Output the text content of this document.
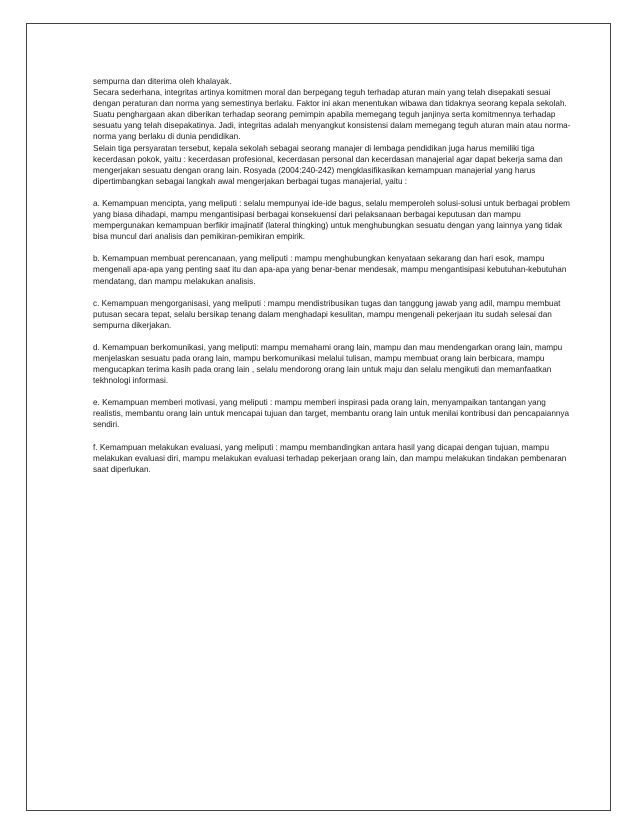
sempurna dan diterima oleh khalayak.

Secara sederhana, integritas artinya komitmen moral dan berpegang teguh terhadap aturan main yang telah disepakati sesuai dengan peraturan dan norma yang semestinya berlaku. Faktor ini akan menentukan wibawa dan tidaknya seorang kepala sekolah.

Suatu penghargaan akan diberikan terhadap seorang pemimpin apabila memegang teguh janjinya serta komitmennya terhadap sesuatu yang telah disepakatinya. Jadi, integritas adalah menyangkut konsistensi dalam memegang teguh aturan main atau norma-norma yang berlaku di dunia pendidikan.

Selain tiga persyaratan tersebut, kepala sekolah sebagai seorang manajer di lembaga pendidikan juga harus memiliki tiga kecerdasan pokok, yaitu : kecerdasan profesional, kecerdasan personal dan kecerdasan manajerial agar dapat bekerja sama dan mengerjakan sesuatu dengan orang lain. Rosyada (2004:240-242) mengklasifikasikan kemampuan manajerial yang harus dipertimbangkan sebagai langkah awal mengerjakan berbagai tugas manajerial, yaitu :

a. Kemampuan mencipta, yang meliputi : selalu mempunyai ide-ide bagus, selalu memperoleh solusi-solusi untuk berbagai problem yang biasa dihadapi, mampu mengantisipasi berbagai konsekuensi dari pelaksanaan berbagai keputusan dan mampu mempergunakan kemampuan berfikir imajinatif (lateral thingking) untuk menghubungkan sesuatu dengan yang lainnya yang tidak bisa muncul dari analisis dan pemikiran-pemikiran empirik.

b. Kemampuan membuat perencanaan, yang meliputi : mampu menghubungkan kenyataan sekarang dan hari esok, mampu mengenali apa-apa yang penting saat itu dan apa-apa yang benar-benar mendesak, mampu mengantisipasi kebutuhan-kebutuhan mendatang, dan mampu melakukan analisis.

c. Kemampuan mengorganisasi, yang meliputi : mampu mendistribusikan tugas dan tanggung jawab yang adil, mampu membuat putusan secara tepat, selalu bersikap tenang dalam menghadapi kesulitan, mampu mengenali pekerjaan itu sudah selesai dan sempurna dikerjakan.

d. Kemampuan berkomunikasi, yang meliputi: mampu memahami orang lain, mampu dan mau mendengarkan orang lain, mampu menjelaskan sesuatu pada orang lain, mampu berkomunikasi melalui tulisan, mampu membuat orang lain berbicara, mampu mengucapkan terima kasih pada orang lain , selalu mendorong orang lain untuk maju dan selalu mengikuti dan memanfaatkan tekhnologi informasi.

e. Kemampuan memberi motivasi, yang meliputi : mampu memberi inspirasi pada orang lain, menyampaikan tantangan yang realistis, membantu orang lain untuk mencapai tujuan dan target, membantu orang lain untuk menilai kontribusi dan pencapaiannya sendiri.

f. Kemampuan melakukan evaluasi, yang meliputi : mampu membandingkan antara hasil yang dicapai dengan tujuan, mampu melakukan evaluasi diri, mampu melakukan evaluasi terhadap pekerjaan orang lain, dan mampu melakukan tindakan pembenaran saat diperlukan.
